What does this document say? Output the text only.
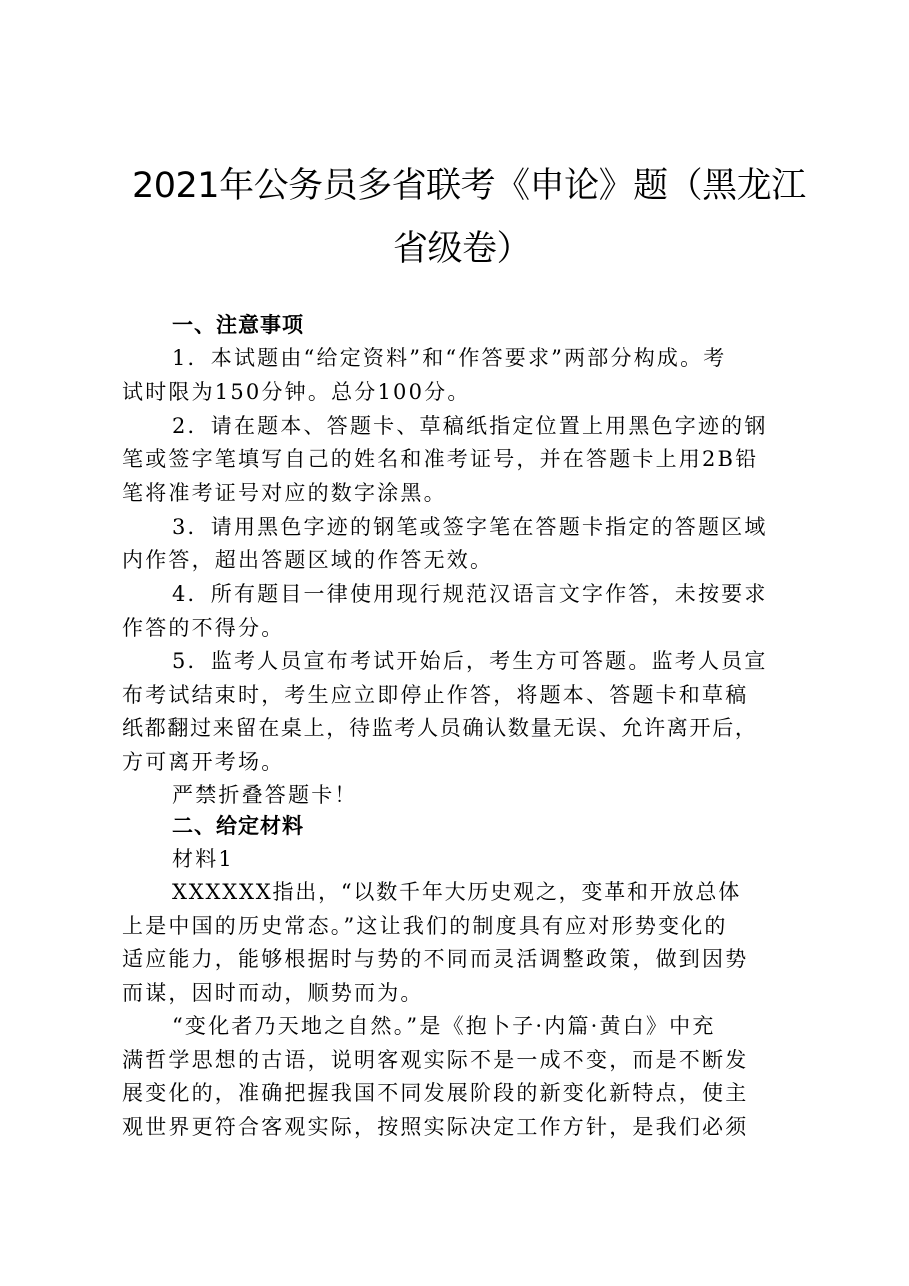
2021年公务员多省联考《申论》题（黑龙江
省级卷）
一、注意事项
1．本试题由“给定资料”和“作答要求”两部分构成。考
试时限为150分钟。总分100分。
2．请在题本、答题卡、草稿纸指定位置上用黑色字迹的钢
笔或签字笔填写自己的姓名和准考证号，并在答题卡上用2B铅
笔将准考证号对应的数字涂黑。
3．请用黑色字迹的钢笔或签字笔在答题卡指定的答题区域
内作答，超出答题区域的作答无效。
4．所有题目一律使用现行规范汉语言文字作答，未按要求
作答的不得分。
5．监考人员宣布考试开始后，考生方可答题。监考人员宣
布考试结束时，考生应立即停止作答，将题本、答题卡和草稿
纸都翻过来留在桌上，待监考人员确认数量无误、允许离开后，
方可离开考场。
严禁折叠答题卡！
二、给定材料
材料1
XXXXXX指出，“以数千年大历史观之，变革和开放总体
上是中国的历史常态。”这让我们的制度具有应对形势变化的
适应能力，能够根据时与势的不同而灵活调整政策，做到因势
而谋，因时而动，顺势而为。
“变化者乃天地之自然。”是《抱卜子·内篇·黄白》中充
满哲学思想的古语，说明客观实际不是一成不变，而是不断发
展变化的，准确把握我国不同发展阶段的新变化新特点，使主
观世界更符合客观实际，按照实际决定工作方针，是我们必须
